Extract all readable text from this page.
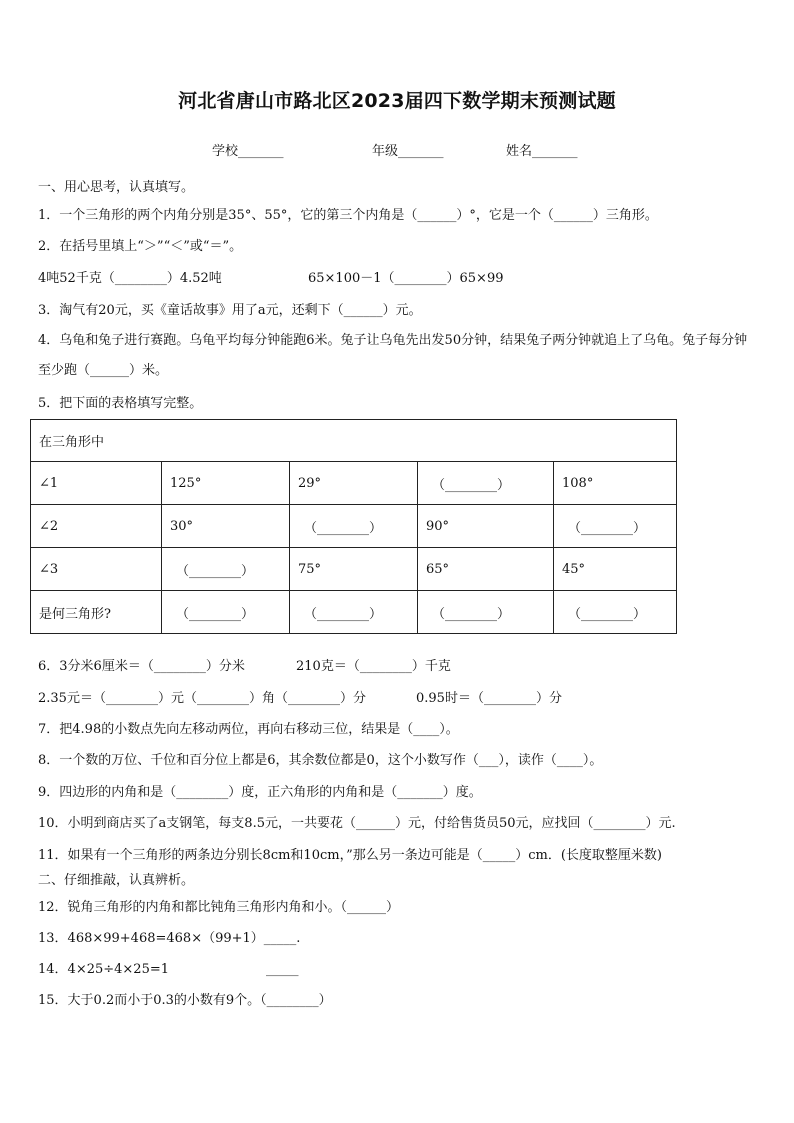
河北省唐山市路北区2023届四下数学期末预测试题
学校_______	年级_______	姓名_______
一、用心思考，认真填写。
1．一个三角形的两个内角分别是35°、55°，它的第三个内角是（______）°，它是一个（______）三角形。
2．在括号里填上“＞”“＜”或“＝”。
4吨52千克（________）4.52吨	65×100－1（________）65×99
3．淘气有20元，买《童话故事》用了a元，还剩下（______）元。
4．乌龟和兔子进行赛跑。乌龟平均每分钟能跑6米。兔子让乌龟先出发50分钟，结果兔子两分钟就追上了乌龟。兔子每分钟至少跑（______）米。
5．把下面的表格填写完整。
在三角形中				
∠1	125°	29°	（________）	108°
∠2	30°	（________）	90°	（________）
∠3	（________）	75°	65°	45°
是何三角形?	（________）	（________）	（________）	（________）
6．3分米6厘米＝（________）分米	210克＝（________）千克
2.35元＝（________）元（________）角（________）分	0.95时＝（________）分
7．把4.98的小数点先向左移动两位，再向右移动三位，结果是（____）。
8．一个数的万位、千位和百分位上都是6，其余数位都是0，这个小数写作（___），读作（____）。
9．四边形的内角和是（________）度，正六角形的内角和是（_______）度。
10．小明到商店买了a支钢笔，每支8.5元，一共要花（______）元，付给售货员50元，应找回（________）元.
11．如果有一个三角形的两条边分别长8cm和10cm，”那么另一条边可能是（_____）cm．(长度取整厘米数)
二、仔细推敲，认真辨析。
12．锐角三角形的内角和都比钝角三角形内角和小。（______）
13．468×99+468=468×（99+1）_____.
14．4×25÷4×25=1	_____
15．大于0.2而小于0.3的小数有9个。（________）
